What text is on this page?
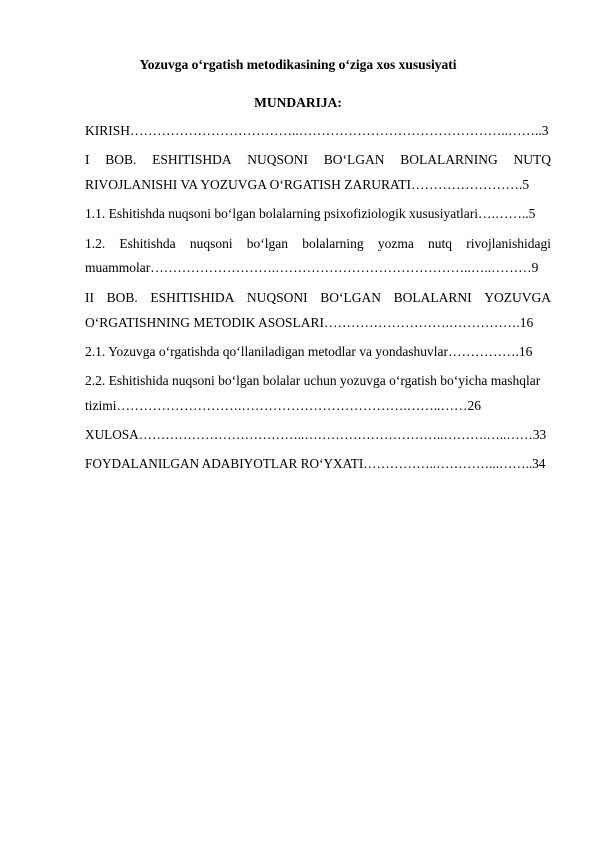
Yozuvga oʻrgatish metodikasining oʻziga xos xususiyati
MUNDARIJA:
KIRISH………………………………..………………………………………..……..3
I BOB. ESHITISHDA NUQSONI BOʻLGAN BOLALARNING NUTQ
RIVOJLANISHI VA YOZUVGA OʻRGATISH ZARURATI…………………….5
1.1. Eshitishda nuqsoni boʻlgan bolalarning psixofiziologik xususiyatlari….……..5
1.2. Eshitishda nuqsoni boʻlgan bolalarning yozma nutq rivojlanishidagi
muammolar……………………….……………………………………..…..………9
II BOB. ESHITISHIDA NUQSONI BOʻLGAN BOLALARNI YOZUVGA
OʻRGATISHNING METODIK ASOSLARI……………………….…………….16
2.1. Yozuvga oʻrgatishda qoʻllaniladigan metodlar va yondashuvlar…………….16
2.2. Eshitishida nuqsoni boʻlgan bolalar uchun yozuvga oʻrgatish boʻyicha mashqlar
tizimi……………………….……………………………….……..……26
XULOSA………………………………..…………………………..……….…..……33
FOYDALANILGAN ADABIYOTLAR ROʻYXATI……………..…………...……..34
